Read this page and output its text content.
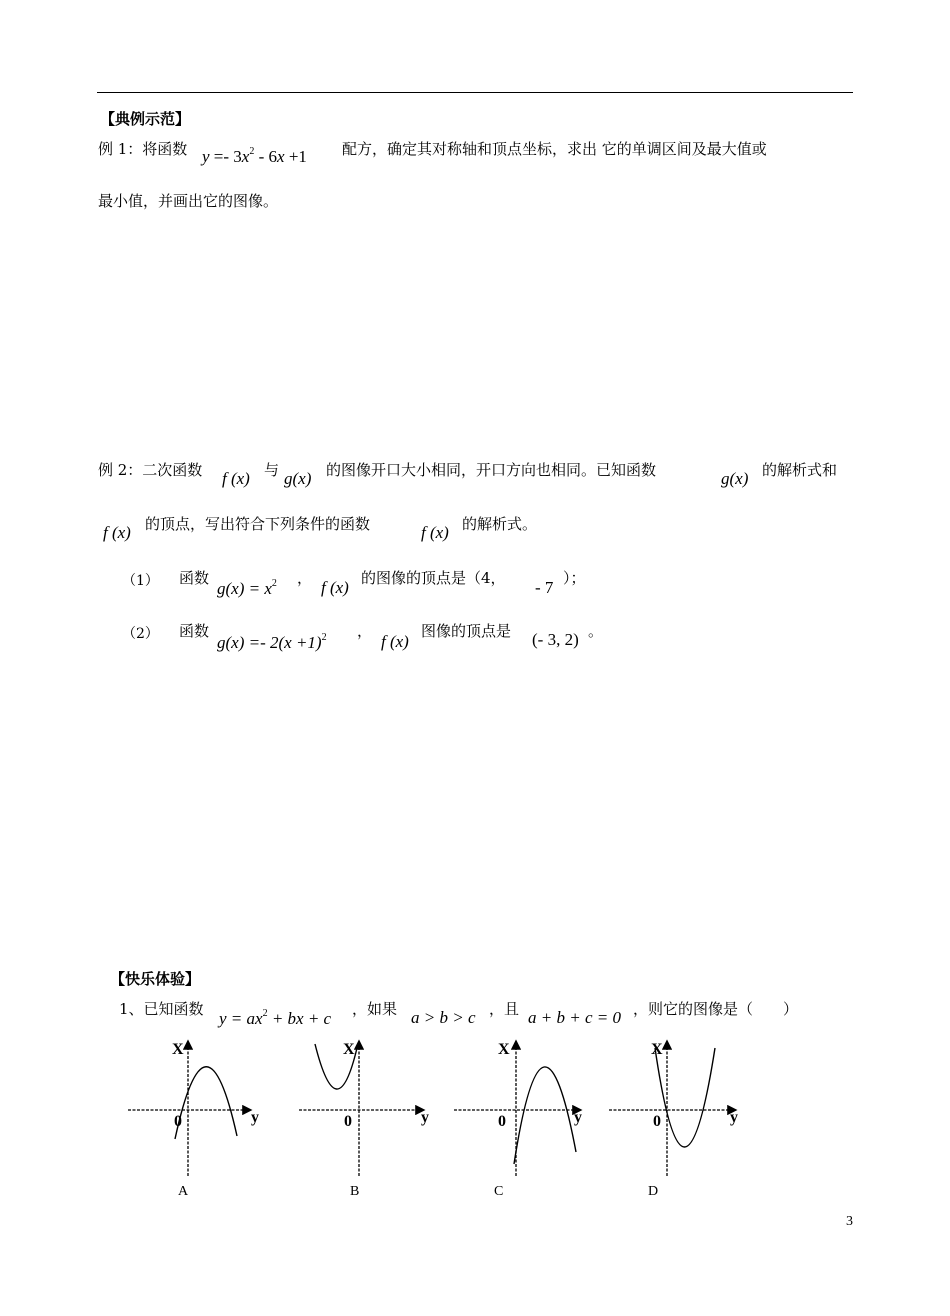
【典例示范】
例 1：将函数 $y =- 3x^2 - 6x +1$ 配方，确定其对称轴和顶点坐标，求出 它的单调区间及最大值或
最小值，并画出它的图像。
例 2：二次函数 f (x) 与 g(x) 的图像开口大小相同，开口方向也相同。已知函数	g(x) 的解析式和
f (x) 的顶点，写出符合下列条件的函数	f (x) 的解析式。
（1） 函数
$g(x) = x^2$ ， f (x) 的图像的顶点是（4， - 7 ）；
（2） 函数
$g(x) =- 2(x +1)^2$ ，
f (x)
图像的顶点是 (- 3, 2) 。
【快乐体验】
1、已知函数 $y = ax^2$ + bx + c ，如果 a > b > c ，且 a + b + c = 0 ，则它的图像是（　　）
X
y
0
A
X
y
0
B
X
y
0
C
X
y
0
D
3
